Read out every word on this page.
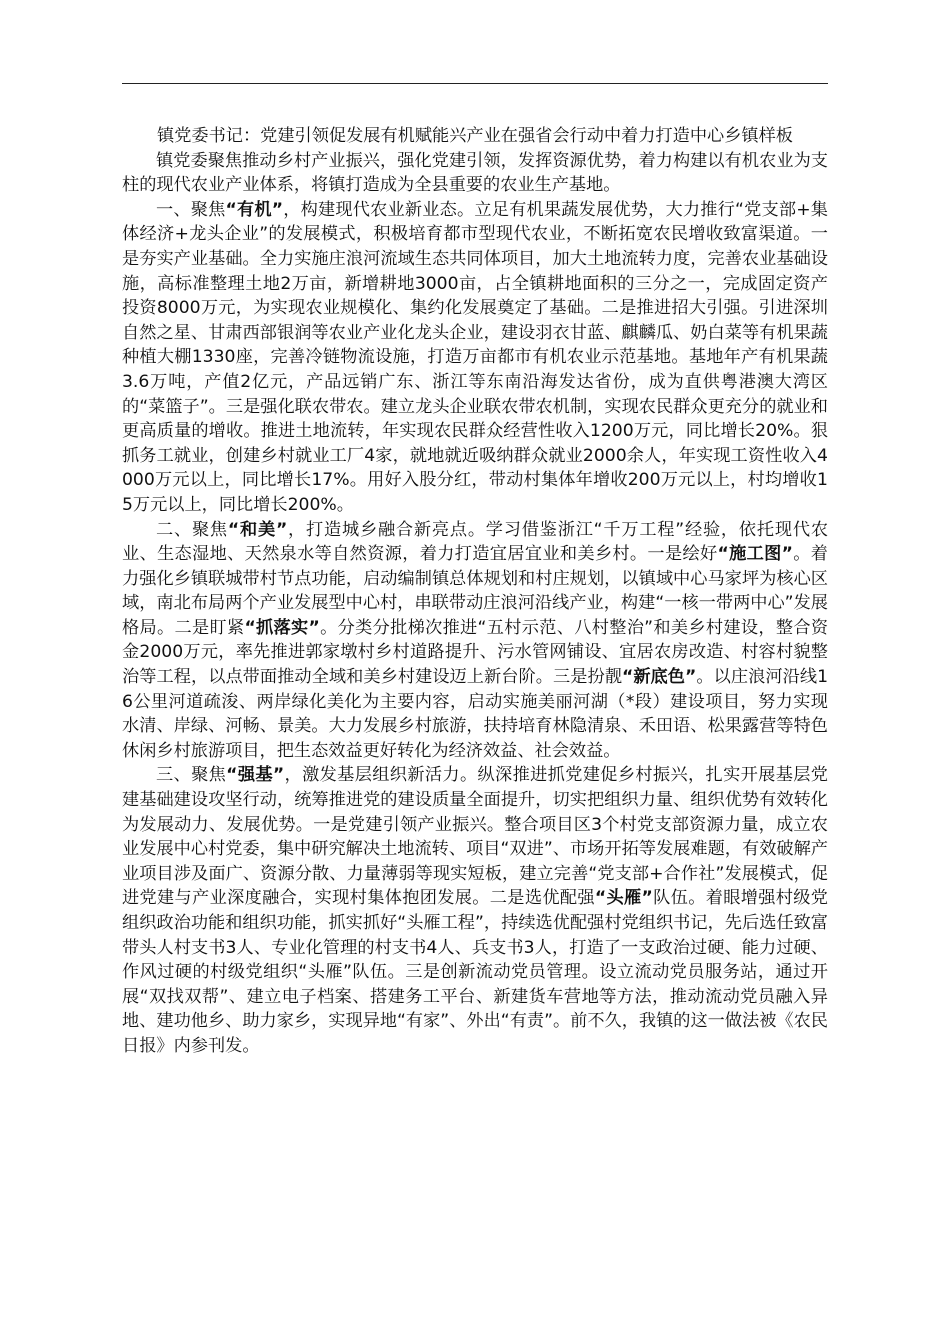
镇党委书记：党建引领促发展有机赋能兴产业在强省会行动中着力打造中心乡镇样板

镇党委聚焦推动乡村产业振兴，强化党建引领，发挥资源优势，着力构建以有机农业为支柱的现代农业产业体系，将镇打造成为全县重要的农业生产基地。

一、聚焦“有机”，构建现代农业新业态。立足有机果蔬发展优势，大力推行“党支部+集体经济+龙头企业”的发展模式，积极培育都市型现代农业，不断拓宽农民增收致富渠道。一是夯实产业基础。全力实施庄浪河流域生态共同体项目，加大土地流转力度，完善农业基础设施，高标准整理土地2万亩，新增耕地3000亩，占全镇耕地面积的三分之一，完成固定资产投资8000万元，为实现农业规模化、集约化发展奠定了基础。二是推进招大引强。引进深圳自然之星、甘肃西部银润等农业产业化龙头企业，建设羽衣甘蓝、麒麟瓜、奶白菜等有机果蔬种植大棚1330座，完善冷链物流设施，打造万亩都市有机农业示范基地。基地年产有机果蔬3.6万吨，产值2亿元，产品远销广东、浙江等东南沿海发达省份，成为直供粤港澳大湾区的“菜篮子”。三是强化联农带农。建立龙头企业联农带农机制，实现农民群众更充分的就业和更高质量的增收。推进土地流转，年实现农民群众经营性收入1200万元，同比增长20%。狠抓务工就业，创建乡村就业工厂4家，就地就近吸纳群众就业2000余人，年实现工资性收入4000万元以上，同比增长17%。用好入股分红，带动村集体年增收200万元以上，村均增收15万元以上，同比增长200%。

二、聚焦“和美”，打造城乡融合新亮点。学习借鉴浙江“千万工程”经验，依托现代农业、生态湿地、天然泉水等自然资源，着力打造宜居宜业和美乡村。一是绘好“施工图”。着力强化乡镇联城带村节点功能，启动编制镇总体规划和村庄规划，以镇域中心马家坪为核心区域，南北布局两个产业发展型中心村，串联带动庄浪河沿线产业，构建“一核一带两中心”发展格局。二是盯紧“抓落实”。分类分批梯次推进“五村示范、八村整治”和美乡村建设，整合资金2000万元，率先推进郭家墩村乡村道路提升、污水管网铺设、宜居农房改造、村容村貌整治等工程，以点带面推动全域和美乡村建设迈上新台阶。三是扮靓“新底色”。以庄浪河沿线16公里河道疏浚、两岸绿化美化为主要内容，启动实施美丽河湖（*段）建设项目，努力实现水清、岸绿、河畅、景美。大力发展乡村旅游，扶持培育林隐清泉、禾田语、松果露营等特色休闲乡村旅游项目，把生态效益更好转化为经济效益、社会效益。

三、聚焦“强基”，激发基层组织新活力。纵深推进抓党建促乡村振兴，扎实开展基层党建基础建设攻坚行动，统筹推进党的建设质量全面提升，切实把组织力量、组织优势有效转化为发展动力、发展优势。一是党建引领产业振兴。整合项目区3个村党支部资源力量，成立农业发展中心村党委，集中研究解决土地流转、项目“双进”、市场开拓等发展难题，有效破解产业项目涉及面广、资源分散、力量薄弱等现实短板，建立完善“党支部+合作社”发展模式，促进党建与产业深度融合，实现村集体抱团发展。二是选优配强“头雁”队伍。着眼增强村级党组织政治功能和组织功能，抓实抓好“头雁工程”，持续选优配强村党组织书记，先后选任致富带头人村支书3人、专业化管理的村支书4人、兵支书3人，打造了一支政治过硬、能力过硬、作风过硬的村级党组织“头雁”队伍。三是创新流动党员管理。设立流动党员服务站，通过开展“双找双帮”、建立电子档案、搭建务工平台、新建货车营地等方法，推动流动党员融入异地、建功他乡、助力家乡，实现异地“有家”、外出“有责”。前不久，我镇的这一做法被《农民日报》内参刊发。
